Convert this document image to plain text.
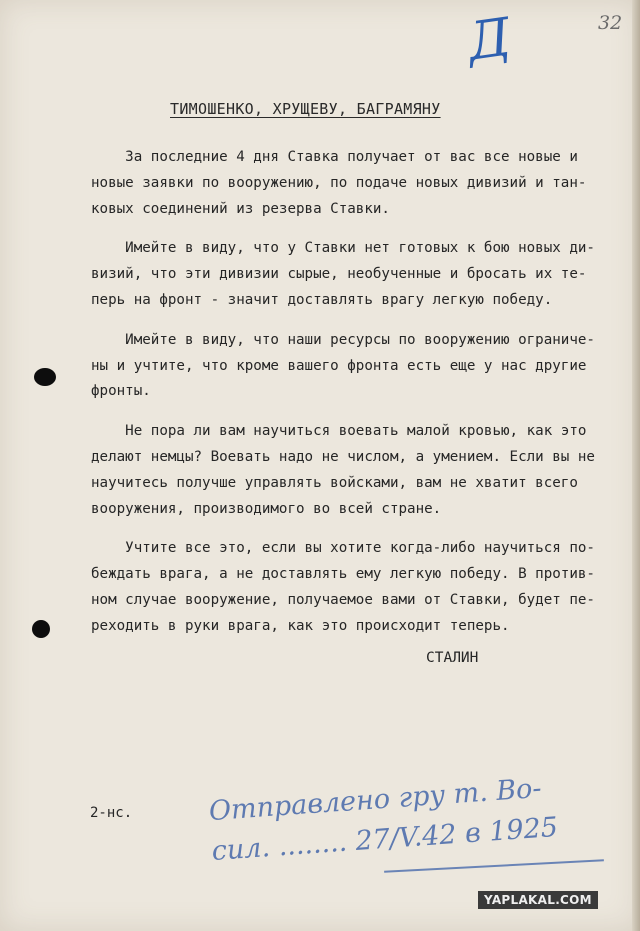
32
Д
ТИМОШЕНКО, ХРУЩЕВУ, БАГРАМЯНУ
За последние 4 дня Ставка получает от вас все новые и
новые заявки по вооружению, по подаче новых дивизий и тан-
ковых соединений из резерва Ставки.
Имейте в виду, что у Ставки нет готовых к бою новых ди-
визий, что эти дивизии сырые, необученные и бросать их те-
перь на фронт - значит доставлять врагу легкую победу.
Имейте в виду, что наши ресурсы по вооружению ограниче-
ны и учтите, что кроме вашего фронта есть еще у нас другие
фронты.
Не пора ли вам научиться воевать малой кровью, как это
делают немцы? Воевать надо не числом, а умением. Если вы не
научитесь получше управлять войсками, вам не хватит всего
вооружения, производимого во всей стране.
Учтите все это, если вы хотите когда-либо научиться по-
беждать врага, а не доставлять ему легкую победу. В против-
ном случае вооружение, получаемое вами от Ставки, будет пе-
реходить в руки врага, как это происходит теперь.
СТАЛИН
2-нс.	Отправлено гру т. Во-
сил. ........ 27/V.42 в 1925
YAPLAKAL.COM
